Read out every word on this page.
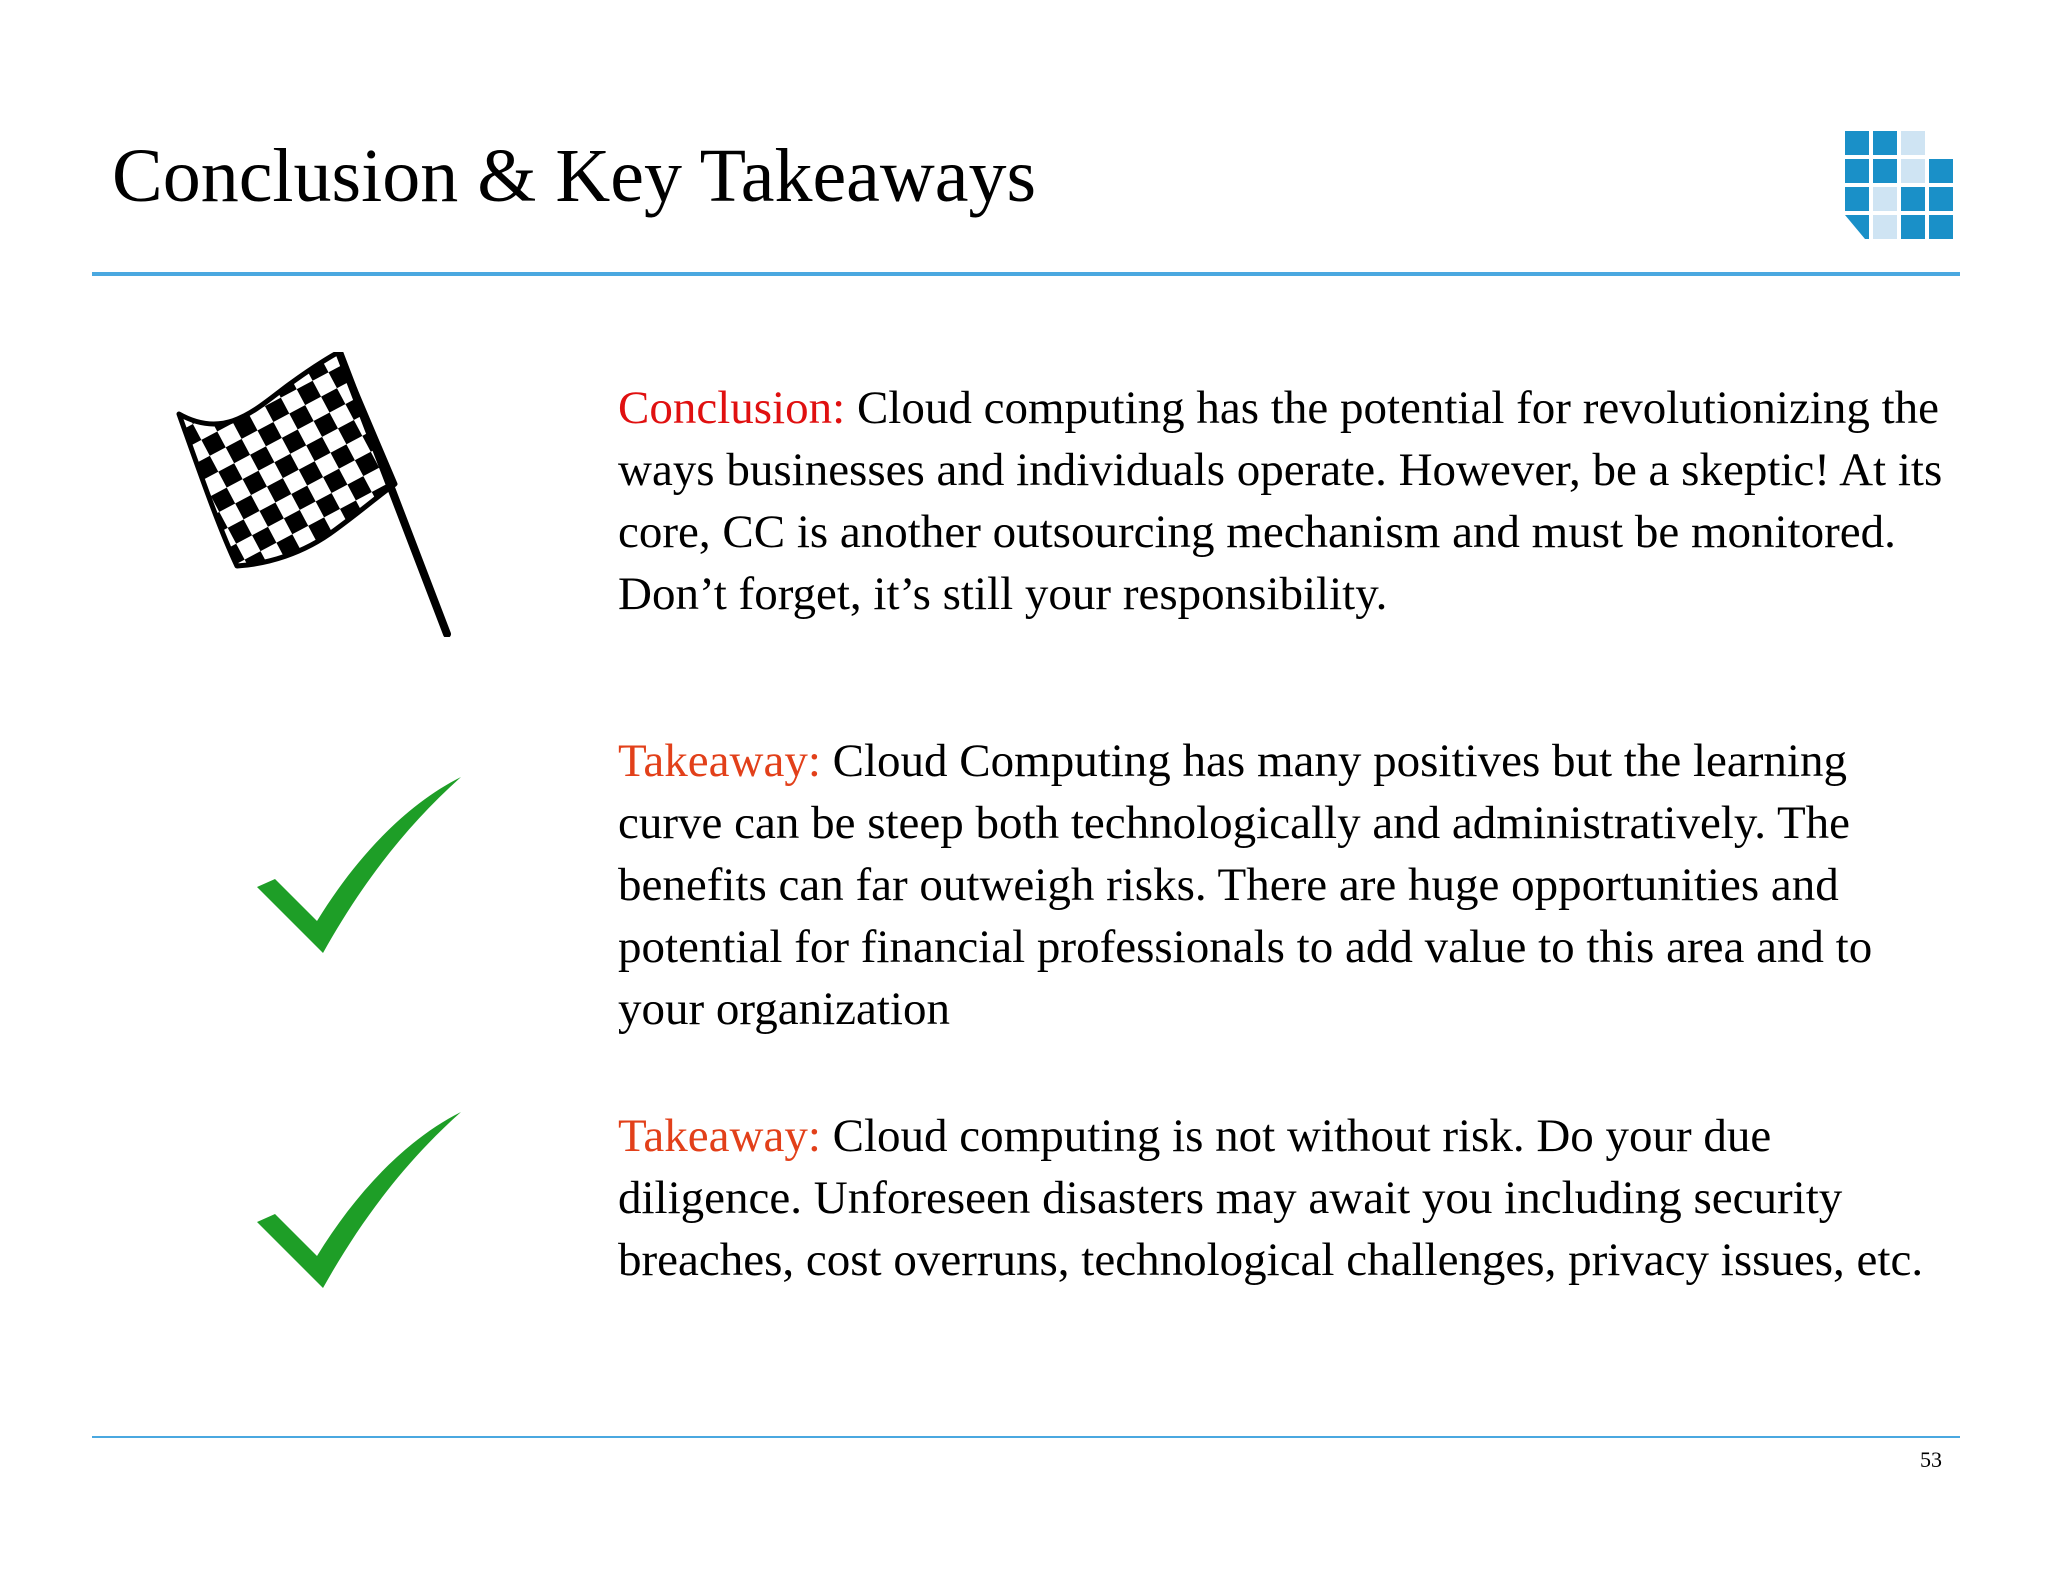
Conclusion & Key Takeaways

Conclusion: Cloud computing has the potential for revolutionizing the ways businesses and individuals operate. However, be a skeptic! At its core, CC is another outsourcing mechanism and must be monitored. Don’t forget, it’s still your responsibility.

Takeaway: Cloud Computing has many positives but the learning curve can be steep both technologically and administratively. The benefits can far outweigh risks. There are huge opportunities and potential for financial professionals to add value to this area and to your organization

Takeaway: Cloud computing is not without risk. Do your due diligence. Unforeseen disasters may await you including security breaches, cost overruns, technological challenges, privacy issues, etc.

53
